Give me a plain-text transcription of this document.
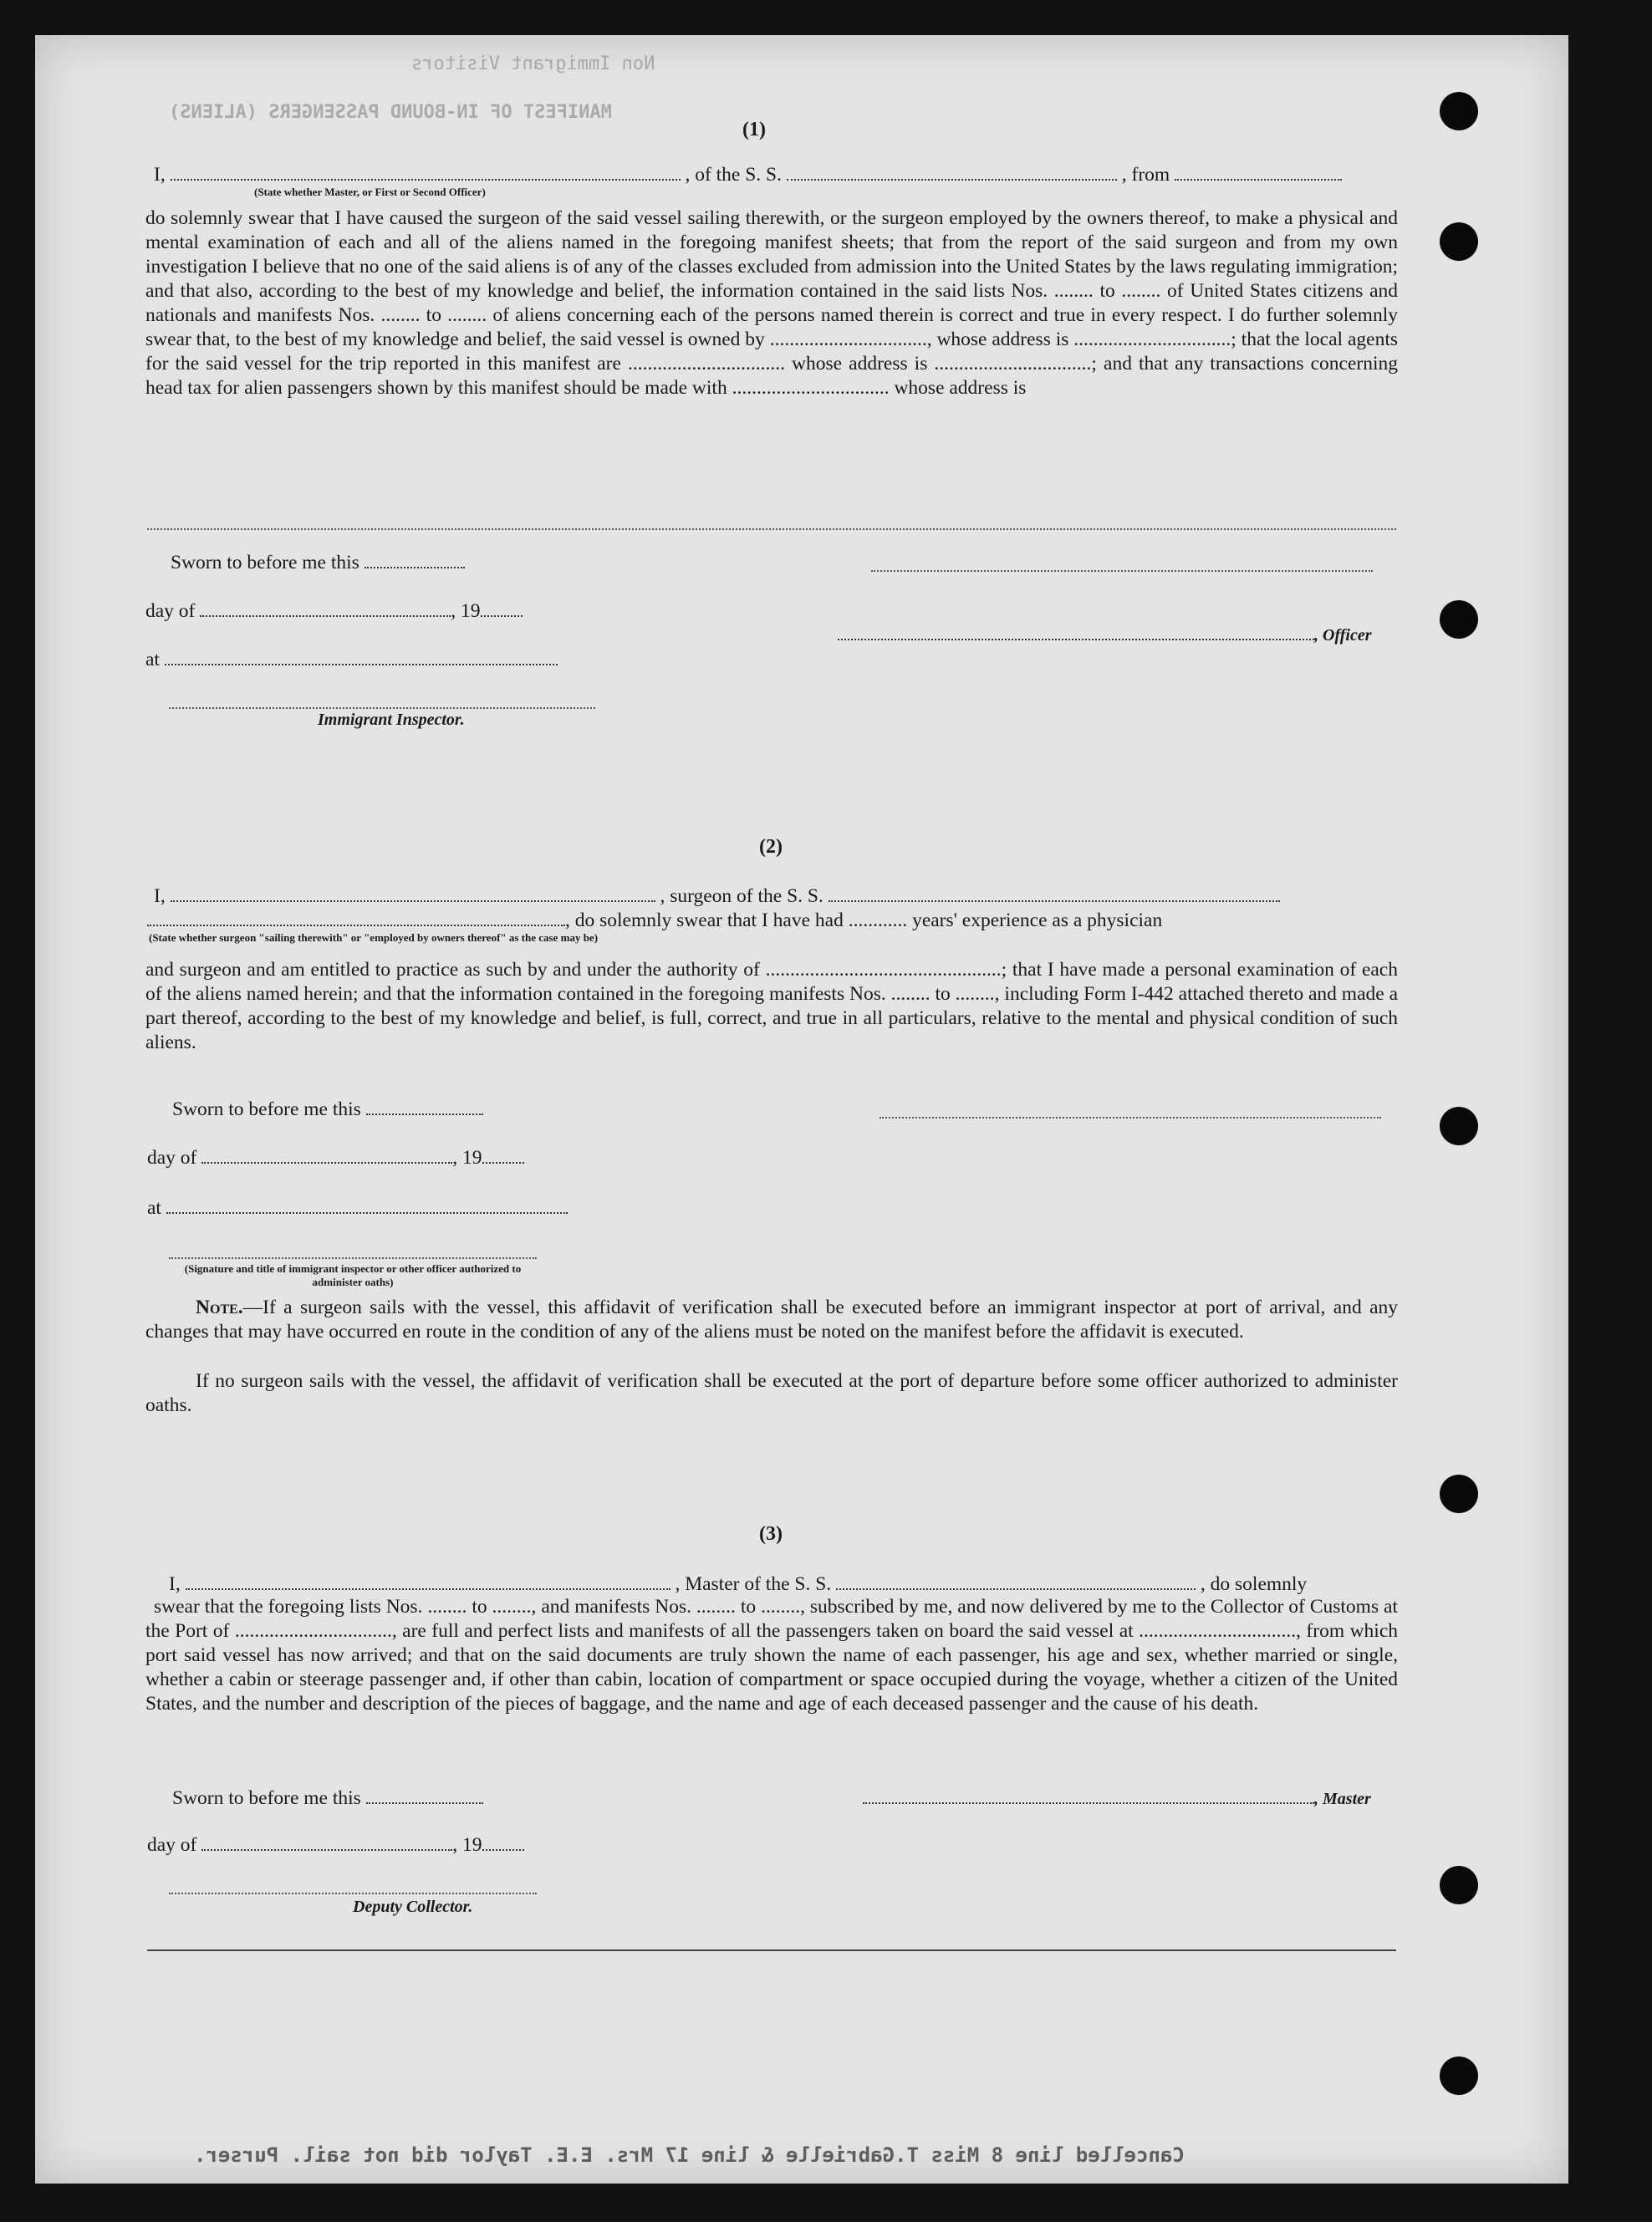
Non Immigrant Visitors
MANIFEST OF IN-BOUND PASSENGERS (ALIENS)
(1)
I,	, of the S. S.	, from
(State whether Master, or First or Second Officer)
do solemnly swear that I have caused the surgeon of the said vessel sailing therewith, or the surgeon employed by the owners thereof, to make a physical and mental examination of each and all of the aliens named in the foregoing manifest sheets; that from the report of the said surgeon and from my own investigation I believe that no one of the said aliens is of any of the classes excluded from admission into the United States by the laws regulating immigration; and that also, according to the best of my knowledge and belief, the information contained in the said lists Nos. ........ to ........ of United States citizens and nationals and manifests Nos. ........ to ........ of aliens concerning each of the persons named therein is correct and true in every respect. I do further solemnly swear that, to the best of my knowledge and belief, the said vessel is owned by ................................, whose address is ................................; that the local agents for the said vessel for the trip reported in this manifest are ................................ whose address is ................................; and that any transactions concerning head tax for alien passengers shown by this manifest should be made with ................................ whose address is
Sworn to before me this
day of	, 19
, Officer
at
Immigrant Inspector.
(2)
I,	, surgeon of the S. S.
, do solemnly swear that I have had ............ years' experience as a physician
(State whether surgeon "sailing therewith" or "employed by owners thereof" as the case may be)
and surgeon and am entitled to practice as such by and under the authority of ................................................; that I have made a personal examination of each of the aliens named herein; and that the information contained in the foregoing manifests Nos. ........ to ........, including Form I-442 attached thereto and made a part thereof, according to the best of my knowledge and belief, is full, correct, and true in all particulars, relative to the mental and physical condition of such aliens.
Sworn to before me this
day of	, 19
at
(Signature and title of immigrant inspector or other officer authorized to administer oaths)
Note.—If a surgeon sails with the vessel, this affidavit of verification shall be executed before an immigrant inspector at port of arrival, and any changes that may have occurred en route in the condition of any of the aliens must be noted on the manifest before the affidavit is executed.
If no surgeon sails with the vessel, the affidavit of verification shall be executed at the port of departure before some officer authorized to administer oaths.
(3)
I,	, Master of the S. S.	, do solemnly
swear that the foregoing lists Nos. ........ to ........, and manifests Nos. ........ to ........, subscribed by me, and now delivered by me to the Collector of Customs at the Port of ................................, are full and perfect lists and manifests of all the passengers taken on board the said vessel at ................................, from which port said vessel has now arrived; and that on the said documents are truly shown the name of each passenger, his age and sex, whether married or single, whether a cabin or steerage passenger and, if other than cabin, location of compartment or space occupied during the voyage, whether a citizen of the United States, and the number and description of the pieces of baggage, and the name and age of each deceased passenger and the cause of his death.
Sworn to before me this	, Master
day of	, 19
Deputy Collector.
Cancelled line 8 Miss T.Gabrielle & line 17 Mrs. E.E. Taylor did not sail. Purser.
